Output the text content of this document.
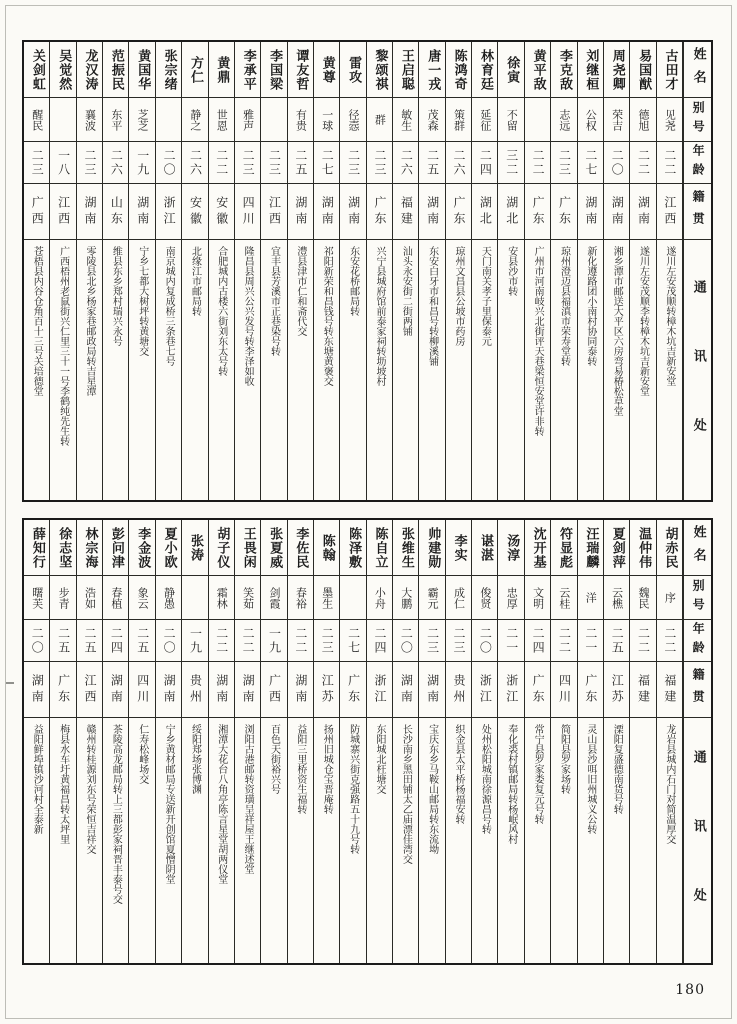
关剑虹
醒民
二三
广西
苍梧县内谷仓角百十三号关培德堂
吴觉然
一八
江西
广西梧州老鼠街兴仁里三十一号李鹤纯先生转
龙汉涛
襄波
二三
湖南
零陵县北乡杨家巷邮政局转吉星潭
范振民
东平
二六
山东
维县东乡郑村瑞兴永号
黄国华
芝芝
一九
湖南
宁乡七都大树坪转黄塘交
张宗绪
二〇
浙江
南京城内复成桥三条巷七号
方仁
静之
二六
安徽
北缘江市邮局转
黄鼎
世恩
二二
安徽
合肥城内古楼六街刘东太号转
李承平
雅声
二三
四川
隆昌县周兴公兴发号转李泽如收
李国梁
二三
江西
宜丰县芳溪市正巷染号转
谭友哲
有贵
二五
湖南
澧县津市仁和斋代交
黄尊
一球
二七
湖南
祁阳新荣和昌钱号转东塘黄褒交
雷攻
径悫
二三
湖南
东安花桥邮局转
黎颂祺
群
二三
广东
兴宁县城府馆前泰家祠转坜坡村
王启聪
敏生
二六
福建
汕头永安街二街两铺
唐一戎
茂森
二五
湖南
东安白牙市和昌号转柳溪铺
陈鸿奇
策群
二六
广东
琼州文昌县公坡市药房
林育廷
延征
二四
湖北
天门南关孝子里保泰元
徐寅
不留
三二
湖北
安县沙市转
黄平敌
二二
广东
广州市河南岐兴北街评天巷梁恒安堂许非转
李克敌
志远
二三
广东
琼州澄迈县福滇市荣寿堂转
刘继桓
公权
二七
湖南
新化遵路团小南村协同泰转
周尧卿
荣吉
二〇
湖南
湘乡潭市邮送大平区六房弯易椿松草堂
易国猷
德旭
二二
湖南
遂川左安茂顺李转樟木坑吉新安堂
古田才
见尧
二二
江西
遂川左安茂顺转樟木坑吉新安堂
姓名
别号
年龄
籍贯
通讯处
薛知行
曙芙
二〇
湖南
益阳鲜埠镇沙河村全泰新
徐志坚
步青
二五
广东
梅县水车圩黄福昌转太坪里
林宗海
浩如
二五
江西
赣州转桂源刘东号荣恒吉祥交
彭问津
春植
二四
湖南
茶陵高龙邮局转上三都彭家祠晋丰泰号交
李金波
象云
二五
四川
仁寿松峰场交
夏小欧
静愚
二〇
湖南
宁乡黄材邮局专送新开创馆夏憎阴堂
张涛
一九
贵州
绥阳郑场张博渊
胡子仪
霜林
二二
湖南
湘潭大花台八角亭陈言星堂胡两仪堂
王畏闲
笑茹
二二
湖南
浏阳古港邮转资璜呈祥屋王继述堂
张夏威
剑霞
一九
广西
百色天街裕兴号
李佐民
春裕
二二
湖南
益阳三里桥资生福转
陈翰
墨生
二三
江苏
扬州旧城仓宝晋庵转
陈泽敷
二七
广东
防城寨兴街克强路五十九号转
陈自立
小舟
二四
浙江
东阳城北枉塘交
张维生
大鹏
二〇
湖南
长沙南乡黑田铺太乙庙漂佳湾交
帅建勋
霸元
二三
湖南
宝庆东乡马鞍山邮局转东流坳
李实
成仁
二三
贵州
织金县太平桥杨福安转
谌湛
俊贤
二〇
浙江
处州松阳城南徐源昌号转
汤淳
忠厚
二一
浙江
奉化裘村镇邮局转杨岷风村
沈开基
文明
二四
广东
常宁县罗家娄复元号转
符显彪
云桂
二二
四川
简阳县罗家场转
汪瑞麟
洋
二一
广东
灵山县沙咡旧州城义公转
夏剑萍
云樵
二五
江苏
溧阳复盛德南货号转
温仲伟
魏民
二二
福建
胡赤民
序
二二
福建
龙岩县城内石门对简温厚交
姓名
别号
年龄
籍贯
通讯处
180
